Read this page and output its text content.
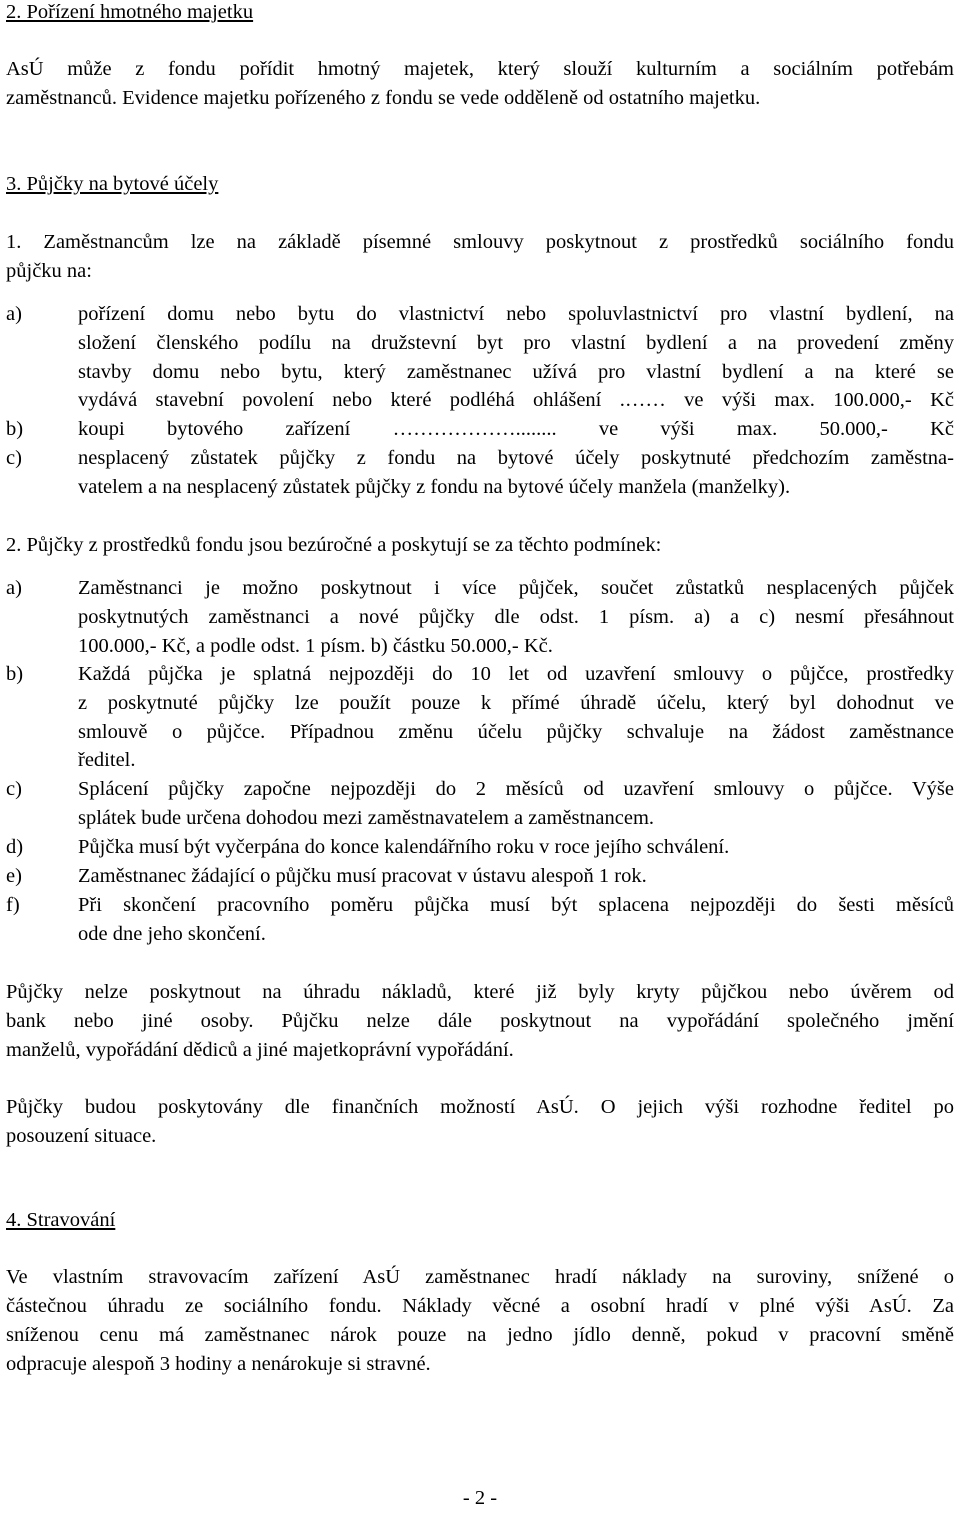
2. Pořízení hmotného majetku
AsÚ může z fondu pořídit hmotný majetek, který slouží kulturním a sociálním potřebám
zaměstnanců. Evidence majetku pořízeného z fondu se vede odděleně od ostatního majetku.
3. Půjčky na bytové účely
1. Zaměstnancům lze na základě písemné smlouvy poskytnout z prostředků sociálního fondu
půjčku na:
a)	pořízení domu nebo bytu do vlastnictví nebo spoluvlastnictví pro vlastní bydlení, na
složení členského podílu na družstevní byt pro vlastní bydlení a na provedení změny
stavby domu nebo bytu, který zaměstnanec užívá pro vlastní bydlení a na které se
vydává stavební povolení nebo které podléhá ohlášení .…… ve výši max. 100.000,- Kč
b)	koupi bytového zařízení ………………........ ve výši max. 50.000,- Kč
c)	nesplacený zůstatek půjčky z fondu na bytové účely poskytnuté předchozím zaměstna-
vatelem a na nesplacený zůstatek půjčky z fondu na bytové účely manžela (manželky).
2. Půjčky z prostředků fondu jsou bezúročné a poskytují se za těchto podmínek:
a)	Zaměstnanci je možno poskytnout i více půjček, součet zůstatků nesplacených půjček
poskytnutých zaměstnanci a nové půjčky dle odst. 1 písm. a) a c) nesmí přesáhnout
100.000,- Kč, a podle odst. 1 písm. b) částku 50.000,- Kč.
b)	Každá půjčka je splatná nejpozději do 10 let od uzavření smlouvy o půjčce, prostředky
z poskytnuté půjčky lze použít pouze k přímé úhradě účelu, který byl dohodnut ve
smlouvě o půjčce. Případnou změnu účelu půjčky schvaluje na žádost zaměstnance
ředitel.
c)	Splácení půjčky započne nejpozději do 2 měsíců od uzavření smlouvy o půjčce. Výše
splátek bude určena dohodou mezi zaměstnavatelem a zaměstnancem.
d)	Půjčka musí být vyčerpána do konce kalendářního roku v roce jejího schválení.
e)	Zaměstnanec žádající o půjčku musí pracovat v ústavu alespoň 1 rok.
f)	Při skončení pracovního poměru půjčka musí být splacena nejpozději do šesti měsíců
ode dne jeho skončení.
Půjčky nelze poskytnout na úhradu nákladů, které již byly kryty půjčkou nebo úvěrem od
bank nebo jiné osoby. Půjčku nelze dále poskytnout na vypořádání společného jmění
manželů, vypořádání dědiců a jiné majetkoprávní vypořádání.
Půjčky budou poskytovány dle finančních možností AsÚ. O jejich výši rozhodne ředitel po
posouzení situace.
4. Stravování
Ve vlastním stravovacím zařízení AsÚ zaměstnanec hradí náklady na suroviny, snížené o
částečnou úhradu ze sociálního fondu. Náklady věcné a osobní hradí v plné výši AsÚ. Za
sníženou cenu má zaměstnanec nárok pouze na jedno jídlo denně, pokud v pracovní směně
odpracuje alespoň 3 hodiny a nenárokuje si stravné.
- 2 -
